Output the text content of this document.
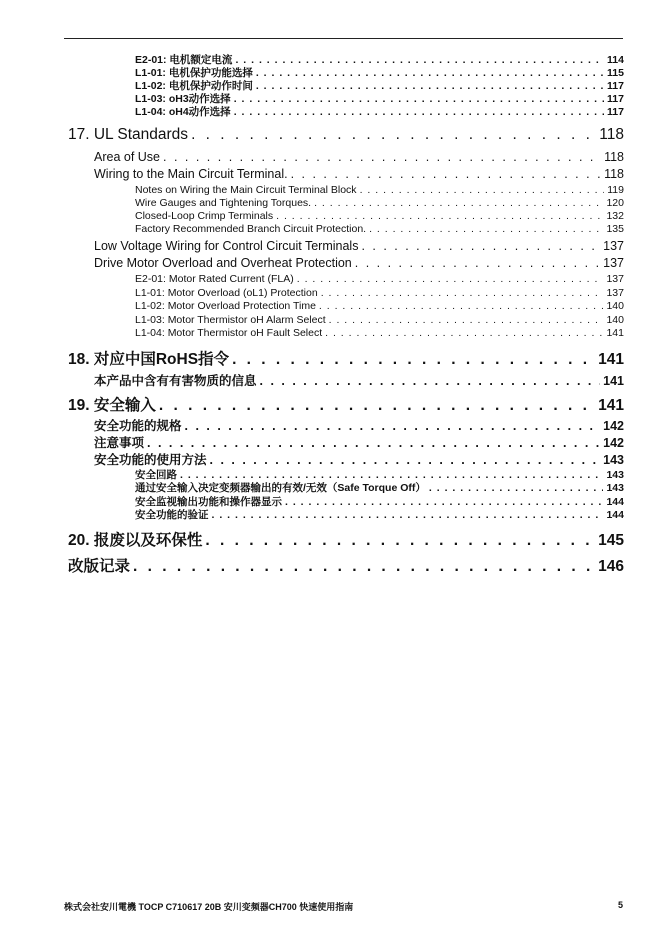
E2-01: 电机额定电流 . . .	114
L1-01: 电机保护功能选择 . . .	115
L1-02: 电机保护动作时间 . . .	117
L1-03: oH3动作选择 . . .	117
L1-04: oH4动作选择 . . .	117
17. UL Standards . . .	118
Area of Use . . .	118
Wiring to the Main Circuit Terminal. . . .	118
Notes on Wiring the Main Circuit Terminal Block . . .	119
Wire Gauges and Tightening Torques. . . .	120
Closed-Loop Crimp Terminals . . .	132
Factory Recommended Branch Circuit Protection. . . .	135
Low Voltage Wiring for Control Circuit Terminals . . .	137
Drive Motor Overload and Overheat Protection . . .	137
E2-01: Motor Rated Current (FLA) . . .	137
L1-01: Motor Overload (oL1) Protection . . .	137
L1-02: Motor Overload Protection Time . . .	140
L1-03: Motor Thermistor oH Alarm Select . . .	140
L1-04: Motor Thermistor oH Fault Select . . .	141
18. 对应中国RoHS指令 . . .	141
本产品中含有有害物质的信息 . . .	141
19. 安全输入 . . .	141
安全功能的规格 . . .	142
注意事项 . . .	142
安全功能的使用方法 . . .	143
安全回路 . . .	143
通过安全输入决定变频器输出的有效/无效（Safe Torque Off） . . .	143
安全监视输出功能和操作器显示 . . .	144
安全功能的验证 . . .	144
20. 报废以及环保性 . . .	145
改版记录 . . .	146
株式会社安川電機 TOCP C710617 20B 安川变频器CH700 快速使用指南	5
